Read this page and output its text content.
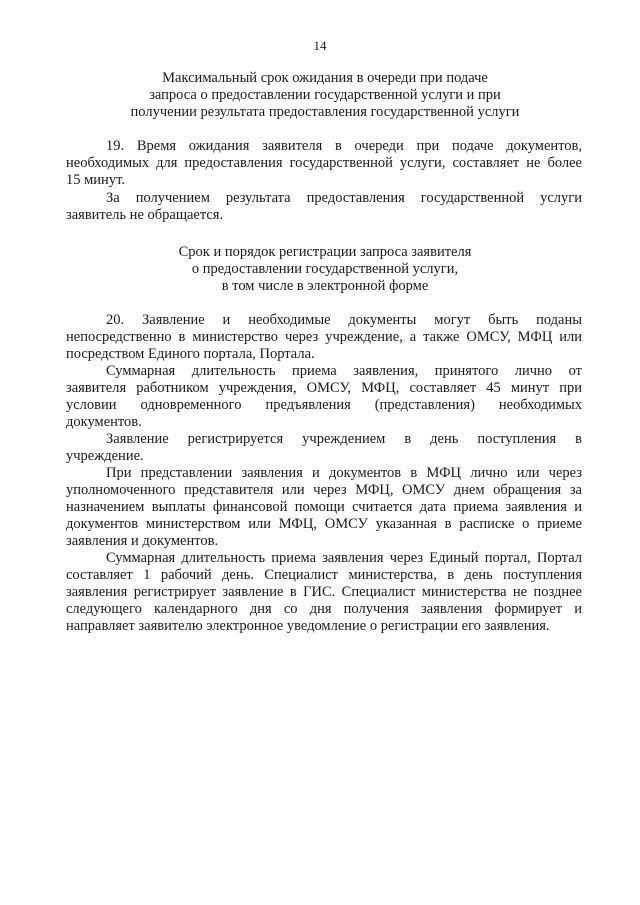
14
Максимальный срок ожидания в очереди при подаче
запроса о предоставлении государственной услуги и при
получении результата предоставления государственной услуги
19. Время ожидания заявителя в очереди при подаче документов,
необходимых для предоставления государственной услуги, составляет не более
15 минут.
За получением результата предоставления государственной услуги
заявитель не обращается.
Срок и порядок регистрации запроса заявителя
о предоставлении государственной услуги,
в том числе в электронной форме
20. Заявление и необходимые документы могут быть поданы
непосредственно в министерство через учреждение, а также ОМСУ, МФЦ или
посредством Единого портала, Портала.
Суммарная длительность приема заявления, принятого лично от
заявителя работником учреждения, ОМСУ, МФЦ, составляет 45 минут при
условии одновременного предъявления (представления) необходимых
документов.
Заявление регистрируется учреждением в день поступления в
учреждение.
При представлении заявления и документов в МФЦ лично или через
уполномоченного представителя или через МФЦ, ОМСУ днем обращения за
назначением выплаты финансовой помощи считается дата приема заявления и
документов министерством или МФЦ, ОМСУ указанная в расписке о приеме
заявления и документов.
Суммарная длительность приема заявления через Единый портал, Портал
составляет 1 рабочий день. Специалист министерства, в день поступления
заявления регистрирует заявление в ГИС. Специалист министерства не позднее
следующего календарного дня со дня получения заявления формирует и
направляет заявителю электронное уведомление о регистрации его заявления.
